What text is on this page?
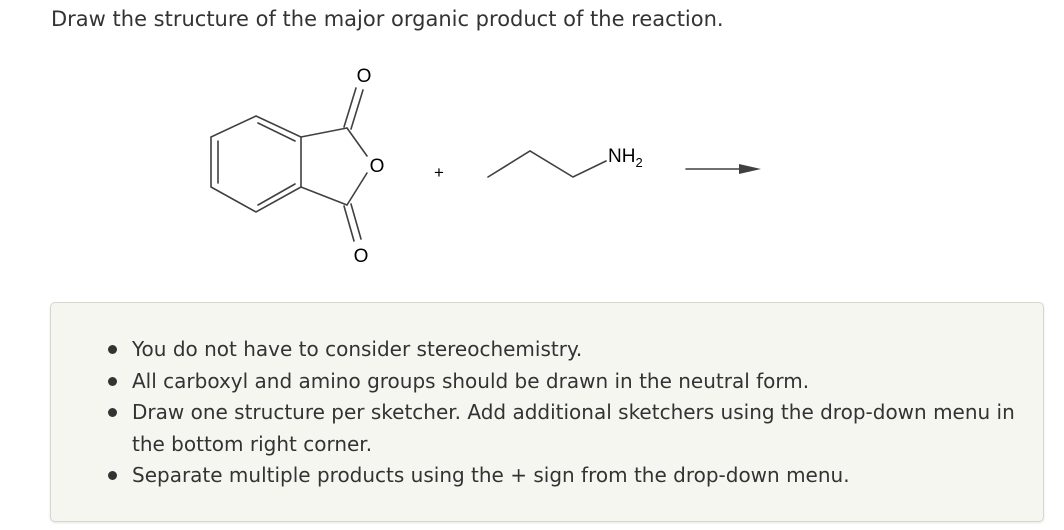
Draw the structure of the major organic product of the reaction.
O
O
O
+
$NH_2$
You do not have to consider stereochemistry.
All carboxyl and amino groups should be drawn in the neutral form.
Draw one structure per sketcher. Add additional sketchers using the drop-down menu in the bottom right corner.
Separate multiple products using the + sign from the drop-down menu.
